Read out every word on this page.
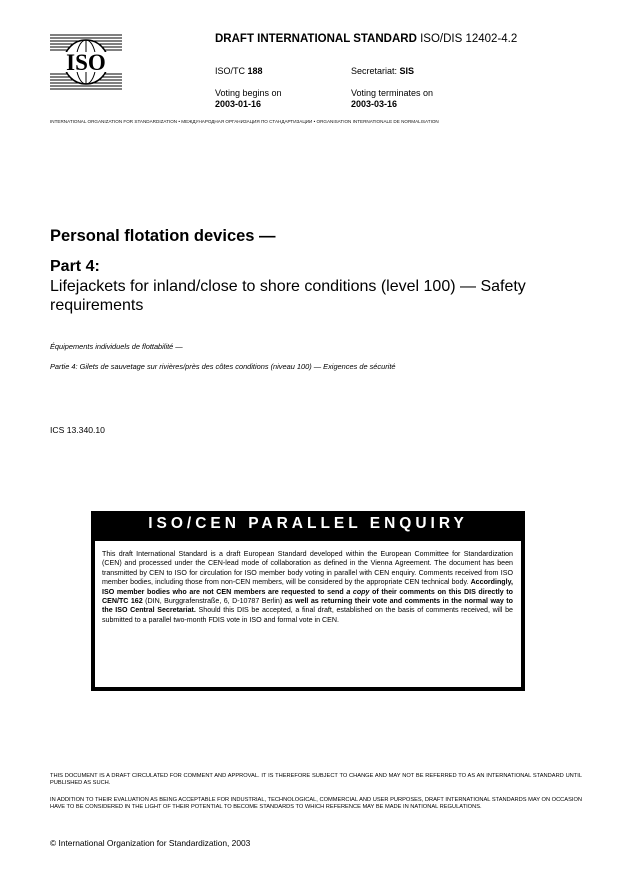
ISO
DRAFT INTERNATIONAL STANDARD ISO/DIS 12402-4.2
ISO/TC 188	Secretariat: SIS
Voting begins on
2003-01-16
Voting terminates on
2003-03-16
INTERNATIONAL ORGANIZATION FOR STANDARDIZATION • МЕЖДУНАРОДНАЯ ОРГАНИЗАЦИЯ ПО СТАНДАРТИЗАЦИИ • ORGANISATION INTERNATIONALE DE NORMALISATION
Personal flotation devices —
Part 4:
Lifejackets for inland/close to shore conditions (level 100) — Safety requirements
Équipements individuels de flottabilité —
Partie 4: Gilets de sauvetage sur rivières/près des côtes conditions (niveau 100) — Exigences de sécurité
ICS 13.340.10
ISO/CEN PARALLEL ENQUIRY
This draft International Standard is a draft European Standard developed within the European Committee for Standardization (CEN) and processed under the CEN-lead mode of collaboration as defined in the Vienna Agreement. The document has been transmitted by CEN to ISO for circulation for ISO member body voting in parallel with CEN enquiry. Comments received from ISO member bodies, including those from non-CEN members, will be considered by the appropriate CEN technical body. Accordingly, ISO member bodies who are not CEN members are requested to send a copy of their comments on this DIS directly to CEN/TC 162 (DIN, Burggrafenstraße, 6, D-10787 Berlin) as well as returning their vote and comments in the normal way to the ISO Central Secretariat. Should this DIS be accepted, a final draft, established on the basis of comments received, will be submitted to a parallel two-month FDIS vote in ISO and formal vote in CEN.
THIS DOCUMENT IS A DRAFT CIRCULATED FOR COMMENT AND APPROVAL. IT IS THEREFORE SUBJECT TO CHANGE AND MAY NOT BE REFERRED TO AS AN INTERNATIONAL STANDARD UNTIL PUBLISHED AS SUCH.
IN ADDITION TO THEIR EVALUATION AS BEING ACCEPTABLE FOR INDUSTRIAL, TECHNOLOGICAL, COMMERCIAL AND USER PURPOSES, DRAFT INTERNATIONAL STANDARDS MAY ON OCCASION HAVE TO BE CONSIDERED IN THE LIGHT OF THEIR POTENTIAL TO BECOME STANDARDS TO WHICH REFERENCE MAY BE MADE IN NATIONAL REGULATIONS.
© International Organization for Standardization, 2003
